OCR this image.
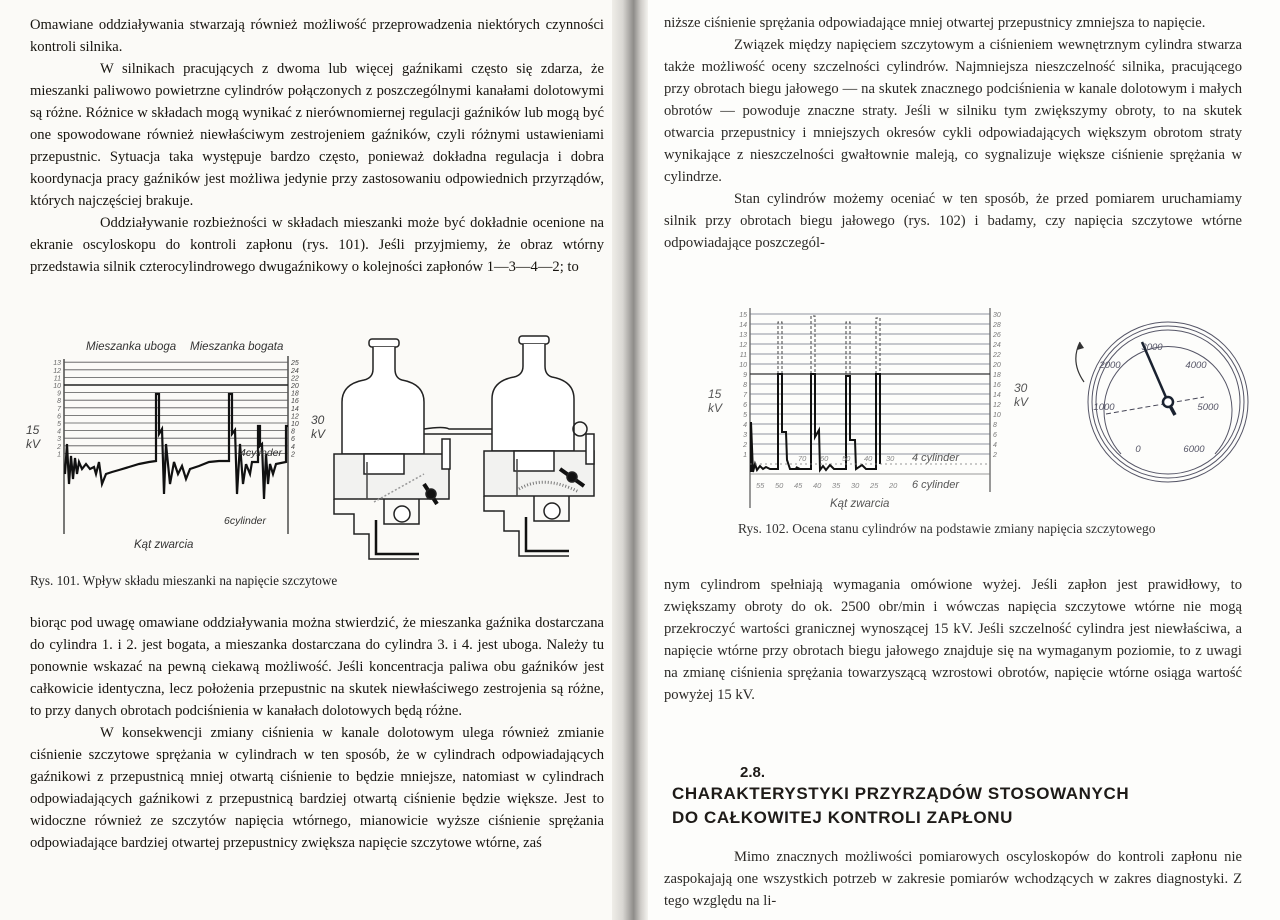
Omawiane oddziaływania stwarzają również możliwość przeprowadzenia niektórych czynności kontroli silnika.

W silnikach pracujących z dwoma lub więcej gaźnikami często się zdarza, że mieszanki paliwowo powietrzne cylindrów połączonych z poszczególnymi kanałami dolotowymi są różne. Różnice w składach mogą wynikać z nierównomiernej regulacji gaźników lub mogą być one spowodowane również niewłaściwym zestrojeniem gaźników, czyli różnymi ustawieniami przepustnic. Sytuacja taka występuje bardzo często, ponieważ dokładna regulacja i dobra koordynacja pracy gaźników jest możliwa jedynie przy zastosowaniu odpowiednich przyrządów, których najczęściej brakuje.

Oddziaływanie rozbieżności w składach mieszanki może być dokładnie ocenione na ekranie oscyloskopu do kontroli zapłonu (rys. 101). Jeśli przyjmiemy, że obraz wtórny przedstawia silnik czterocylindrowego dwugaźnikowy o kolejności zapłonów 1—3—4—2; to

Mieszanka uboga Mieszanka bogata
1
2
3
4
5
6
7
8
9
10
11
12
13
2
4
6
8
10
12
14
16
18
20
22
24
25
15
kV
30
kV
4cylinder
6cylinder
Kąt zwarcia
Rys. 101. Wpływ składu mieszanki na napięcie szczytowe

biorąc pod uwagę omawiane oddziaływania można stwierdzić, że mieszanka gaźnika dostarczana do cylindra 1. i 2. jest bogata, a mieszanka dostarczana do cylindra 3. i 4. jest uboga. Należy tu ponownie wskazać na pewną ciekawą możliwość. Jeśli koncentracja paliwa obu gaźników jest całkowicie identyczna, lecz położenia przepustnic na skutek niewłaściwego zestrojenia są różne, to przy danych obrotach podciśnienia w kanałach dolotowych będą różne.

W konsekwencji zmiany ciśnienia w kanale dolotowym ulega również zmianie ciśnienie szczytowe sprężania w cylindrach w ten sposób, że w cylindrach odpowiadających gaźnikowi z przepustnicą mniej otwartą ciśnienie to będzie mniejsze, natomiast w cylindrach odpowiadających gaźnikowi z przepustnicą bardziej otwartą ciśnienie będzie większe. Jest to widoczne również ze szczytów napięcia wtórnego, mianowicie wyższe ciśnienie sprężania odpowiadające bardziej otwartej przepustnicy zwiększa napięcie szczytowe wtórne, zaś

niższe ciśnienie sprężania odpowiadające mniej otwartej przepustnicy zmniejsza to napięcie.

Związek między napięciem szczytowym a ciśnieniem wewnętrznym cylindra stwarza także możliwość oceny szczelności cylindrów. Najmniejsza nieszczelność silnika, pracującego przy obrotach biegu jałowego — na skutek znacznego podciśnienia w kanale dolotowym i małych obrotów — powoduje znaczne straty. Jeśli w silniku tym zwiększymy obroty, to na skutek otwarcia przepustnicy i mniejszych okresów cykli odpowiadających większym obrotom straty wynikające z nieszczelności gwałtownie maleją, co sygnalizuje większe ciśnienie sprężania w cylindrze.

Stan cylindrów możemy oceniać w ten sposób, że przed pomiarem uruchamiamy silnik przy obrotach biegu jałowego (rys. 102) i badamy, czy napięcia szczytowe wtórne odpowiadające poszczegól-

1
2
3
4
5
6
7
8
9
10
11
12
13
14
15
2
4
6
8
10
12
14
16
18
20
22
24
26
28
30
15
kV
30
kV
70 60 50 40 30
55 50 45 40 35 30 25 20
4 cylinder
6 cylinder
Kąt zwarcia
0
1000
2000
3000
4000
5000
6000
Rys. 102. Ocena stanu cylindrów na podstawie zmiany napięcia szczytowego

nym cylindrom spełniają wymagania omówione wyżej. Jeśli zapłon jest prawidłowy, to zwiększamy obroty do ok. 2500 obr/min i wówczas napięcia szczytowe wtórne nie mogą przekroczyć wartości granicznej wynoszącej 15 kV. Jeśli szczelność cylindra jest niewłaściwa, a napięcie wtórne przy obrotach biegu jałowego znajduje się na wymaganym poziomie, to z uwagi na zmianę ciśnienia sprężania towarzyszącą wzrostowi obrotów, napięcie wtórne osiąga wartość powyżej 15 kV.

2.8.
CHARAKTERYSTYKI PRZYRZĄDÓW STOSOWANYCH
DO CAŁKOWITEJ KONTROLI ZAPŁONU

Mimo znacznych możliwości pomiarowych oscyloskopów do kontroli zapłonu nie zaspokajają one wszystkich potrzeb w zakresie pomiarów wchodzących w zakres diagnostyki. Z tego względu na li-
